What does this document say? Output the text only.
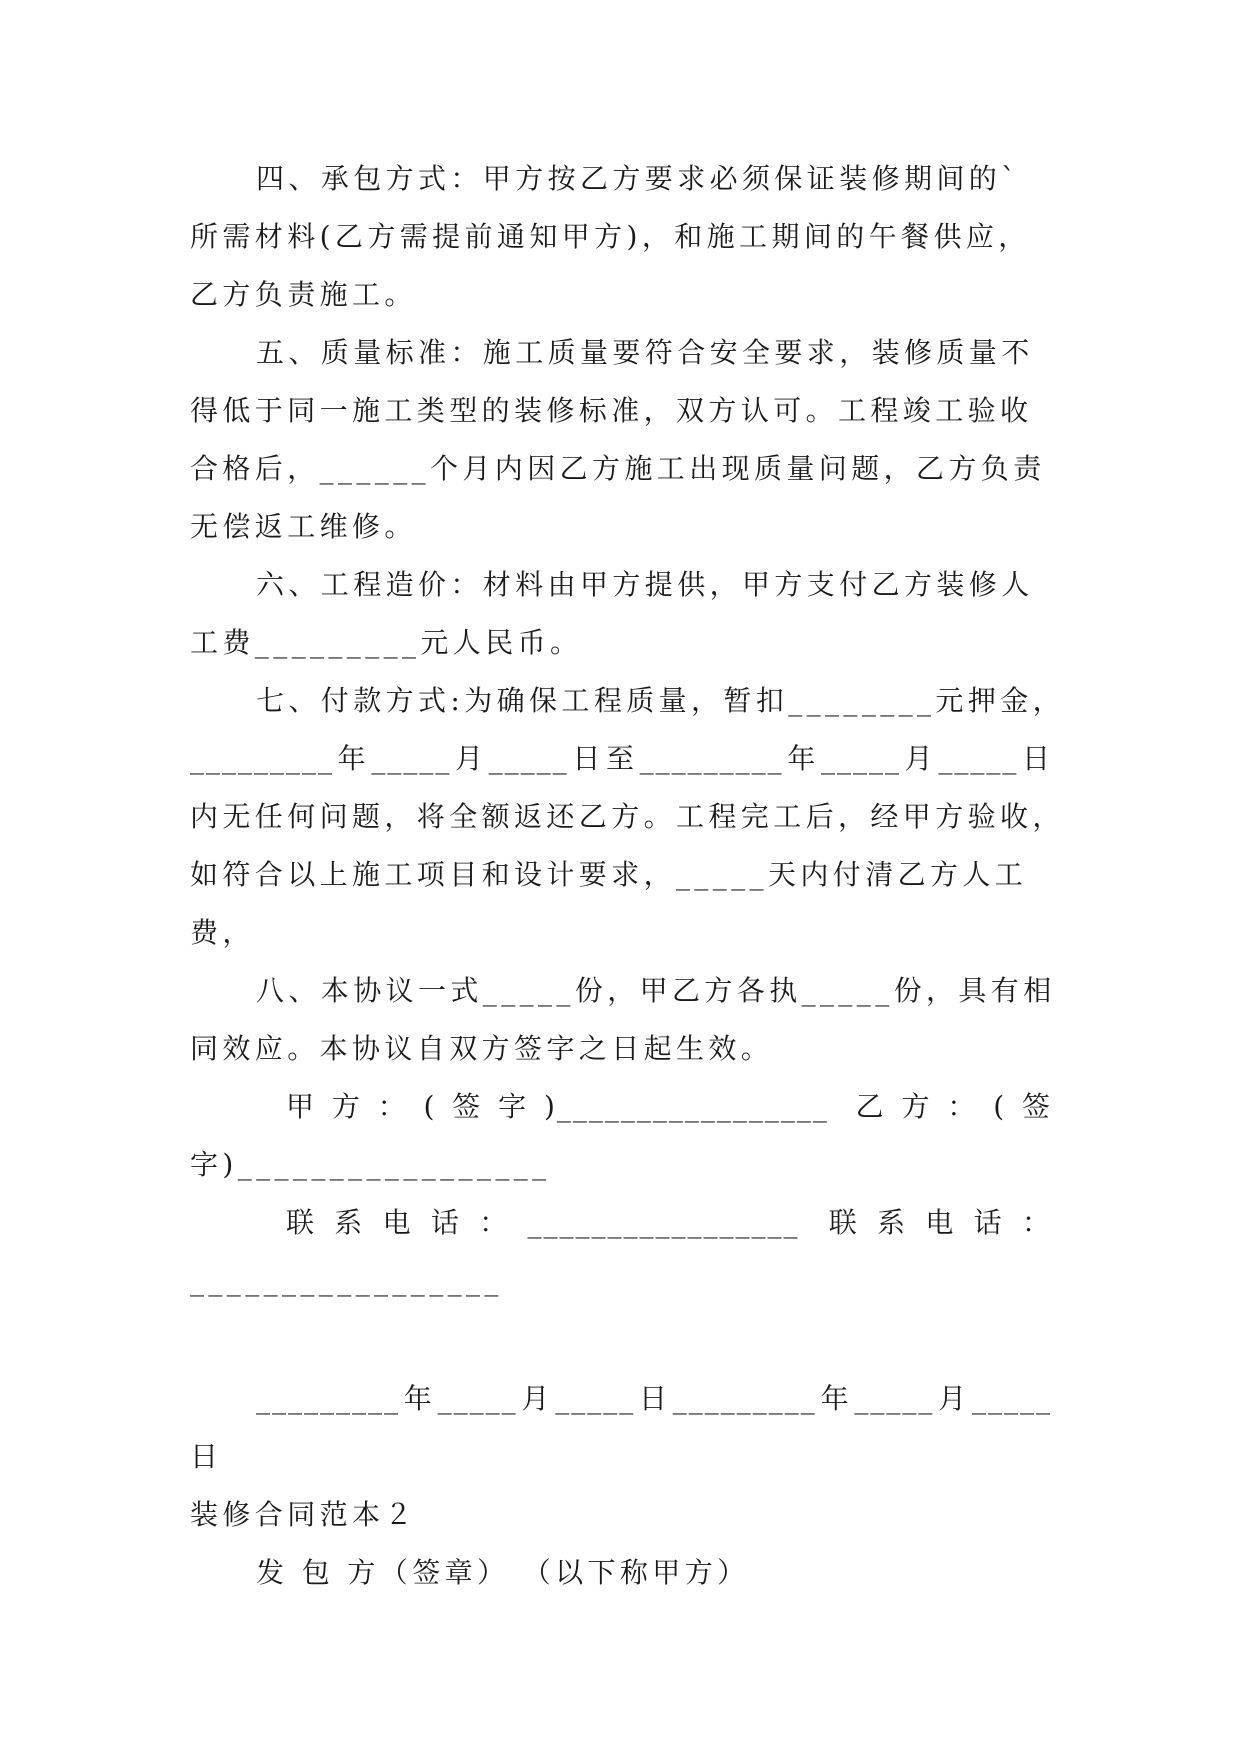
四、承包方式：甲方按乙方要求必须保证装修期间的`
所需材料(乙方需提前通知甲方)，和施工期间的午餐供应，
乙方负责施工。
五、质量标准：施工质量要符合安全要求，装修质量不
得低于同一施工类型的装修标准，双方认可。工程竣工验收
合格后，______个月内因乙方施工出现质量问题，乙方负责
无偿返工维修。
六、工程造价：材料由甲方提供，甲方支付乙方装修人
工费_________元人民币。
七、付款方式:为确保工程质量，暂扣________元押金，
_________年_____月_____日至_________年_____月_____日
内无任何问题，将全额返还乙方。工程完工后，经甲方验收，
如符合以上施工项目和设计要求，_____天内付清乙方人工
费，
八、本协议一式_____份，甲乙方各执_____份，具有相
同效应。本协议自双方签字之日起生效。
甲方：(签字)_________________ 乙方：(签
字)_________________
联系电话：_________________ 联系电话：
_________________
_________年_____月_____日_________年_____月_____
日
装修合同范本２
发 包 方（签章） （以下称甲方）
